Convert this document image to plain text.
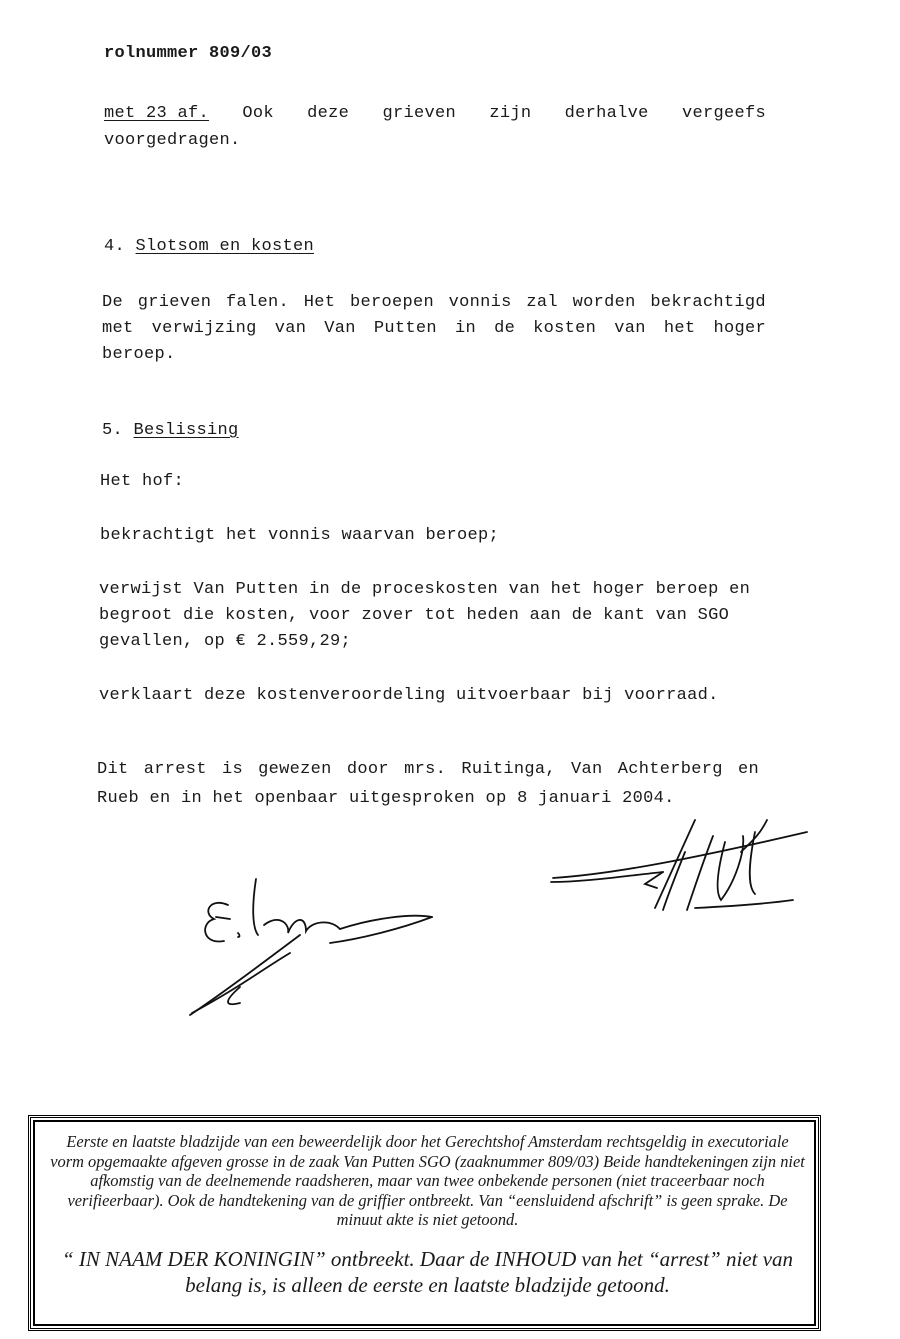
rolnummer 809/03
met 23 af. Ook deze grieven zijn derhalve vergeefs
voorgedragen.
4. Slotsom en kosten
De grieven falen. Het beroepen vonnis zal worden bekrachtigd
met verwijzing van Van Putten in de kosten van het hoger
beroep.
5. Beslissing
Het hof:
bekrachtigt het vonnis waarvan beroep;
verwijst Van Putten in de proceskosten van het hoger beroep en
begroot die kosten, voor zover tot heden aan de kant van SGO
gevallen, op € 2.559,29;
verklaart deze kostenveroordeling uitvoerbaar bij voorraad.
Dit arrest is gewezen door mrs. Ruitinga, Van Achterberg en
Rueb en in het openbaar uitgesproken op 8 januari 2004.
Eerste en laatste bladzijde van een beweerdelijk door het Gerechtshof Amsterdam rechtsgeldig in executoriale vorm opgemaakte afgeven grosse in de zaak Van Putten SGO (zaaknummer 809/03) Beide handtekeningen zijn niet afkomstig van de deelnemende raadsheren, maar van twee onbekende personen (niet traceerbaar noch verifieerbaar). Ook de handtekening van de griffier ontbreekt. Van “eensluidend afschrift” is geen sprake. De minuut akte is niet getoond.
“ IN NAAM DER KONINGIN” ontbreekt. Daar de INHOUD van het “arrest” niet van belang is, is alleen de eerste en laatste bladzijde getoond.
